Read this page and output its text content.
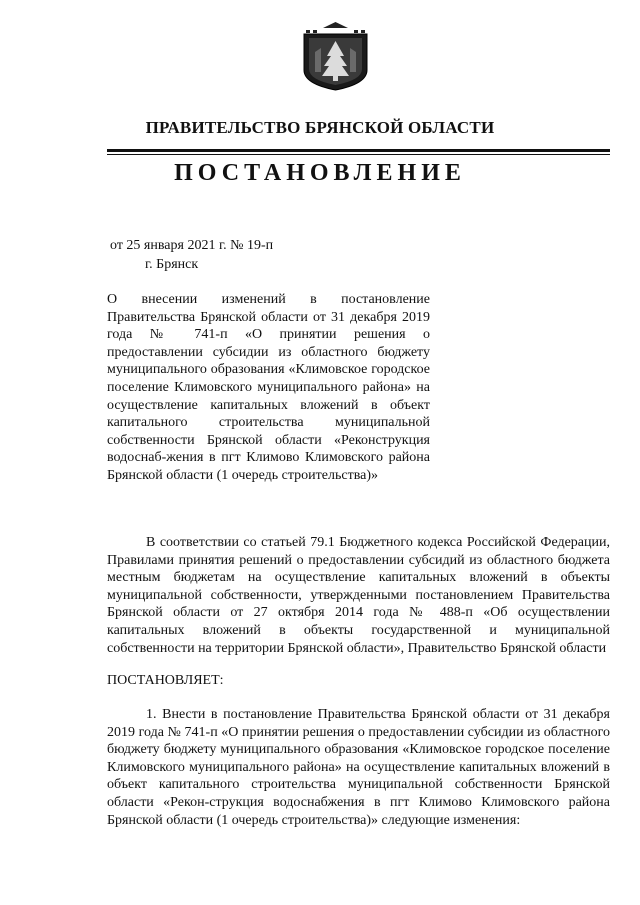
ПРАВИТЕЛЬСТВО БРЯНСКОЙ ОБЛАСТИ
ПОСТАНОВЛЕНИЕ
от 25 января 2021 г. № 19-п
г. Брянск
О внесении изменений в постановление Правительства Брянской области от 31 декабря 2019 года № 741-п «О принятии решения о предоставлении субсидии из областного бюджету муниципального образования «Климовское городское поселение Климовского муниципального района» на осуществление капитальных вложений в объект капитального строительства муниципальной собственности Брянской области «Реконструкция водоснаб-жения в пгт Климово Климовского района Брянской области (1 очередь строительства)»
В соответствии со статьей 79.1 Бюджетного кодекса Российской Федерации, Правилами принятия решений о предоставлении субсидий из областного бюджета местным бюджетам на осуществление капитальных вложений в объекты муниципальной собственности, утвержденными постановлением Правительства Брянской области от 27 октября 2014 года № 488-п «Об осуществлении капитальных вложений в объекты государственной и муниципальной собственности на территории Брянской области», Правительство Брянской области
ПОСТАНОВЛЯЕТ:
1. Внести в постановление Правительства Брянской области от 31 декабря 2019 года № 741-п «О принятии решения о предоставлении субсидии из областного бюджету бюджету муниципального образования «Климовское городское поселение Климовского муниципального района» на осуществление капитальных вложений в объект капитального строительства муниципальной собственности Брянской области «Рекон-струкция водоснабжения в пгт Климово Климовского района Брянской области (1 очередь строительства)» следующие изменения:
